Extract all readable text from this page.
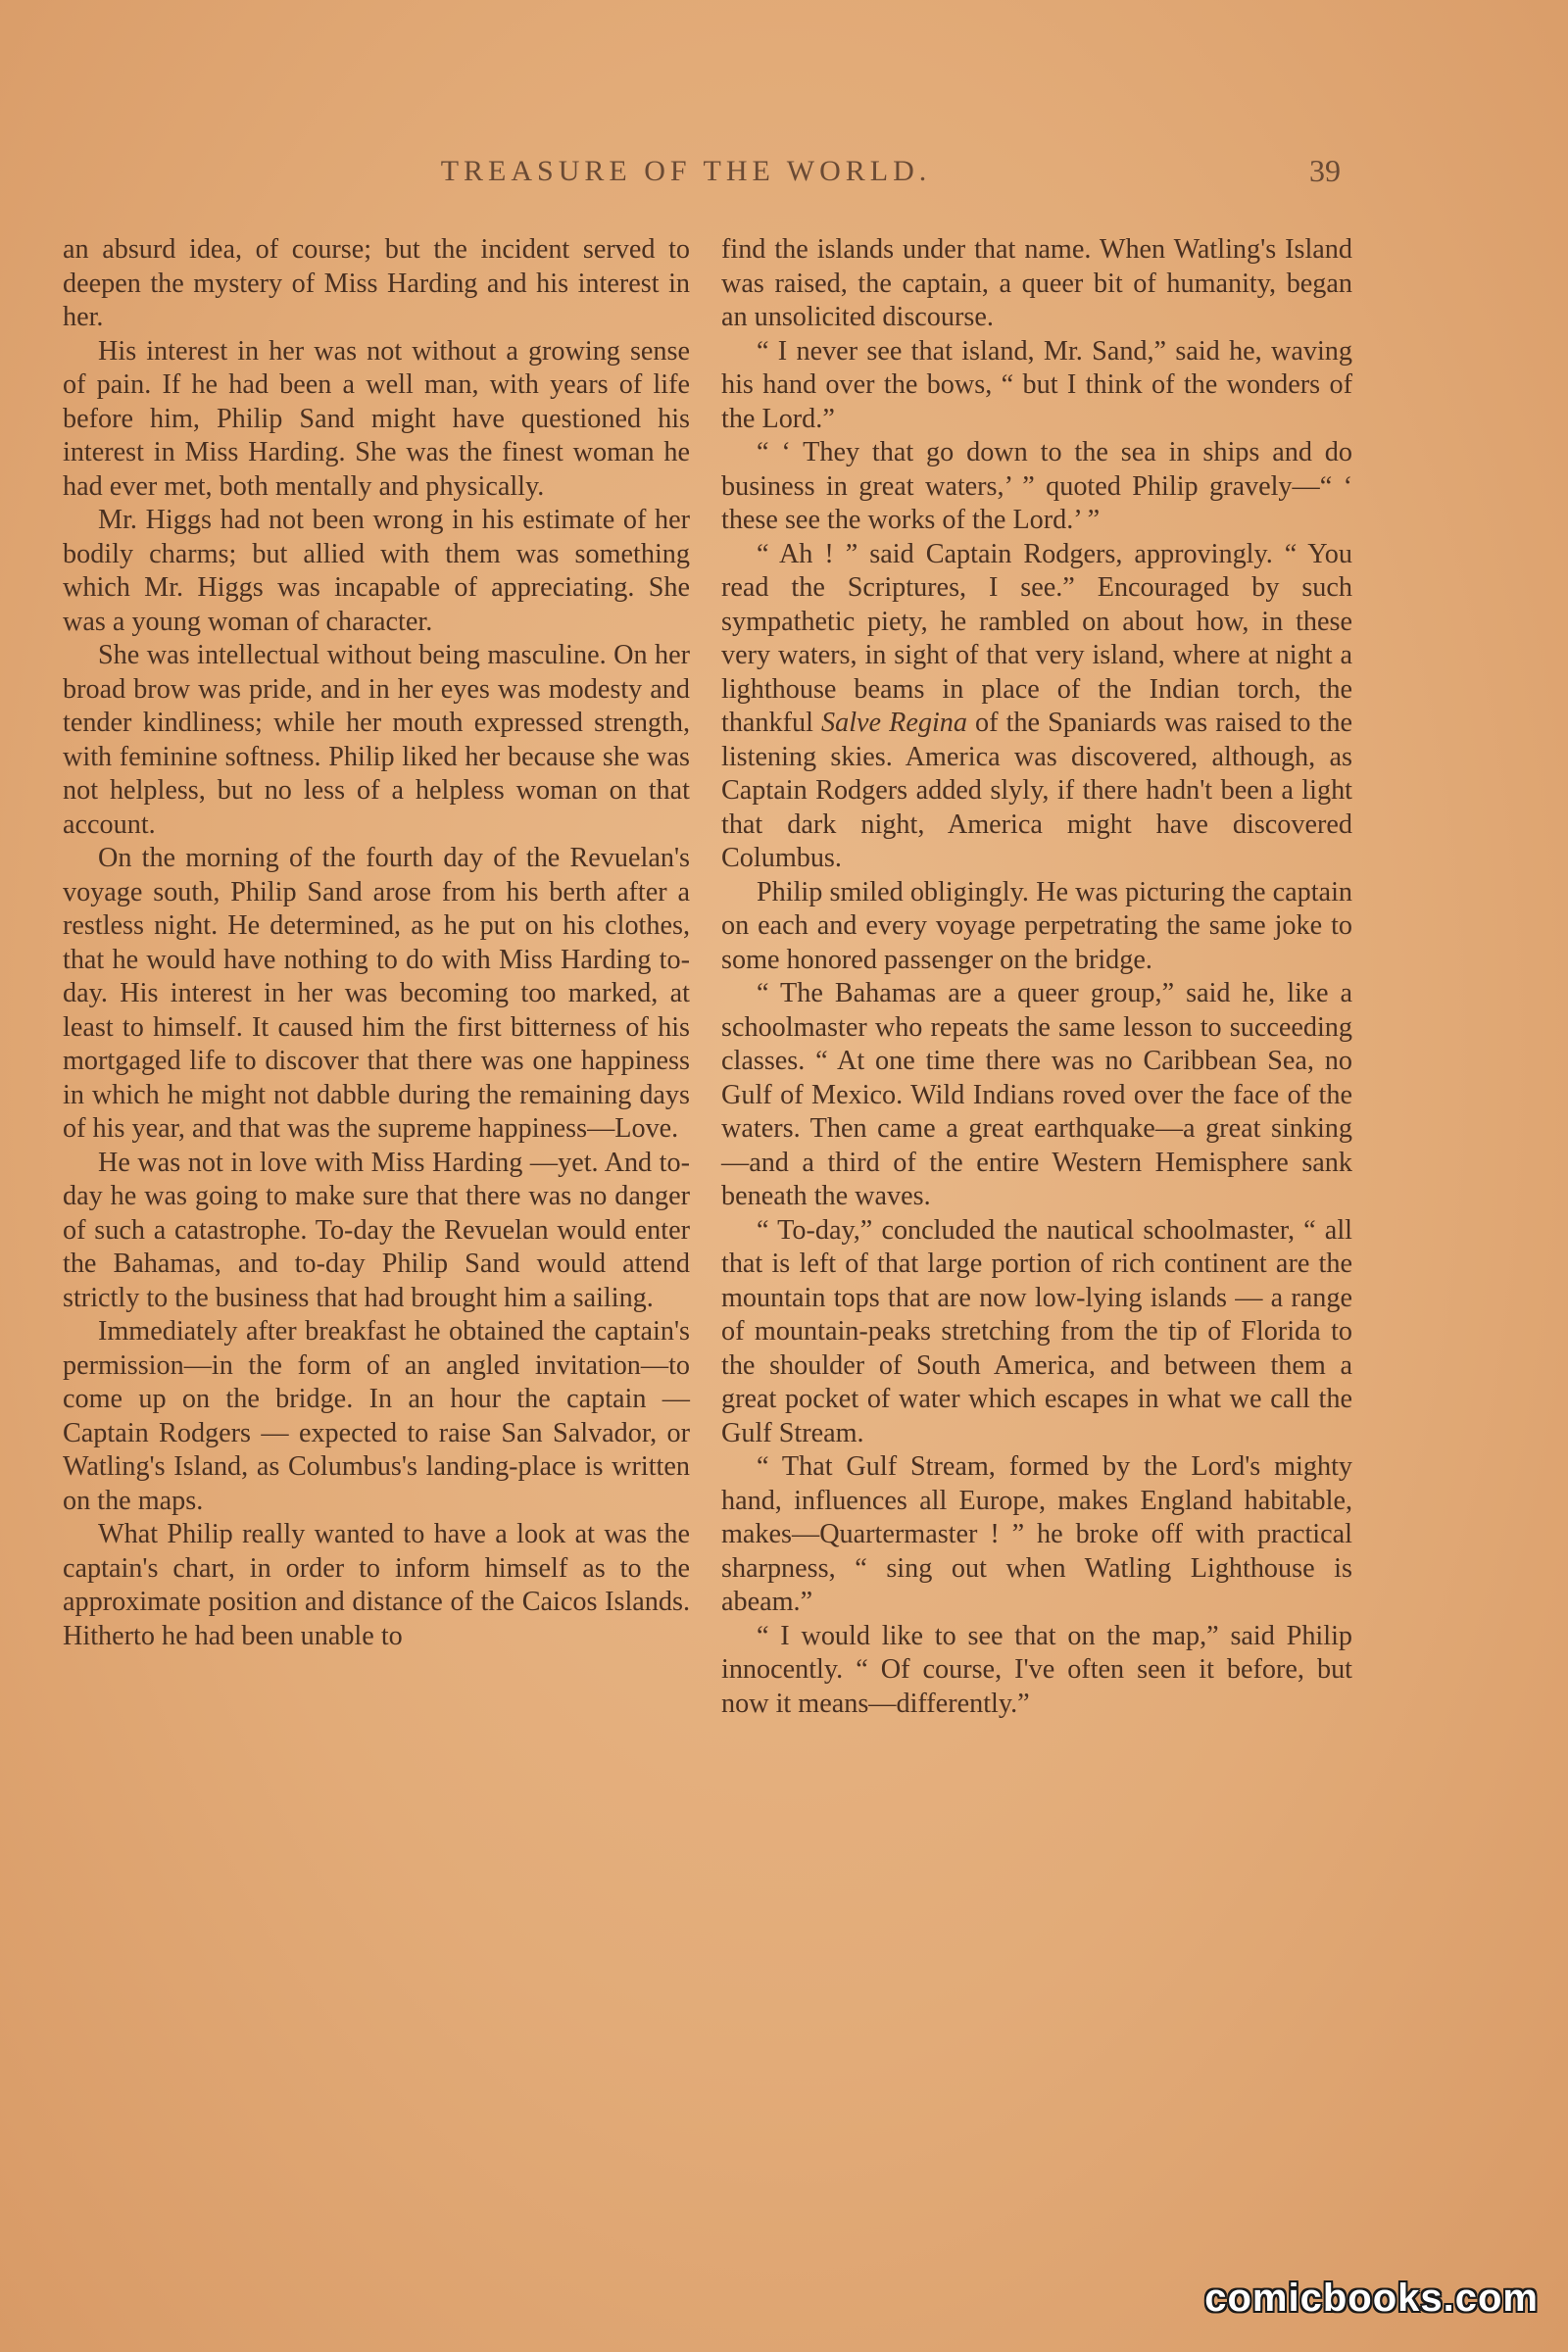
TREASURE OF THE WORLD.	39

an absurd idea, of course; but the incident served to deepen the mystery of Miss Harding and his interest in her.

His interest in her was not without a growing sense of pain. If he had been a well man, with years of life before him, Philip Sand might have questioned his interest in Miss Harding. She was the finest woman he had ever met, both mentally and physically.

Mr. Higgs had not been wrong in his estimate of her bodily charms; but allied with them was something which Mr. Higgs was incapable of appreciating. She was a young woman of character.

She was intellectual without being masculine. On her broad brow was pride, and in her eyes was modesty and tender kindliness; while her mouth expressed strength, with feminine softness. Philip liked her because she was not helpless, but no less of a helpless woman on that account.

On the morning of the fourth day of the Revuelan's voyage south, Philip Sand arose from his berth after a restless night. He determined, as he put on his clothes, that he would have nothing to do with Miss Harding to-day. His interest in her was becoming too marked, at least to himself. It caused him the first bitterness of his mortgaged life to discover that there was one happiness in which he might not dabble during the remaining days of his year, and that was the supreme happiness—Love.

He was not in love with Miss Harding —yet. And to-day he was going to make sure that there was no danger of such a catastrophe. To-day the Revuelan would enter the Bahamas, and to-day Philip Sand would attend strictly to the business that had brought him a sailing.

Immediately after breakfast he obtained the captain's permission—in the form of an angled invitation—to come up on the bridge. In an hour the captain — Captain Rodgers — expected to raise San Salvador, or Watling's Island, as Columbus's landing-place is written on the maps.

What Philip really wanted to have a look at was the captain's chart, in order to inform himself as to the approximate position and distance of the Caicos Islands. Hitherto he had been unable to

find the islands under that name. When Watling's Island was raised, the captain, a queer bit of humanity, began an unsolicited discourse.

“ I never see that island, Mr. Sand,” said he, waving his hand over the bows, “ but I think of the wonders of the Lord.”

“ ‘ They that go down to the sea in ships and do business in great waters,’ ” quoted Philip gravely—“ ‘ these see the works of the Lord.’ ”

“ Ah ! ” said Captain Rodgers, approvingly. “ You read the Scriptures, I see.” Encouraged by such sympathetic piety, he rambled on about how, in these very waters, in sight of that very island, where at night a lighthouse beams in place of the Indian torch, the thankful Salve Regina of the Spaniards was raised to the listening skies. America was discovered, although, as Captain Rodgers added slyly, if there hadn't been a light that dark night, America might have discovered Columbus.

Philip smiled obligingly. He was picturing the captain on each and every voyage perpetrating the same joke to some honored passenger on the bridge.

“ The Bahamas are a queer group,” said he, like a schoolmaster who repeats the same lesson to succeeding classes. “ At one time there was no Caribbean Sea, no Gulf of Mexico. Wild Indians roved over the face of the waters. Then came a great earthquake—a great sinking—and a third of the entire Western Hemisphere sank beneath the waves.

“ To-day,” concluded the nautical schoolmaster, “ all that is left of that large portion of rich continent are the mountain tops that are now low-lying islands — a range of mountain-peaks stretching from the tip of Florida to the shoulder of South America, and between them a great pocket of water which escapes in what we call the Gulf Stream.

“ That Gulf Stream, formed by the Lord's mighty hand, influences all Europe, makes England habitable, makes—Quartermaster ! ” he broke off with practical sharpness, “ sing out when Watling Lighthouse is abeam.”

“ I would like to see that on the map,” said Philip innocently. “ Of course, I've often seen it before, but now it means—differently.”

comicbooks.com
